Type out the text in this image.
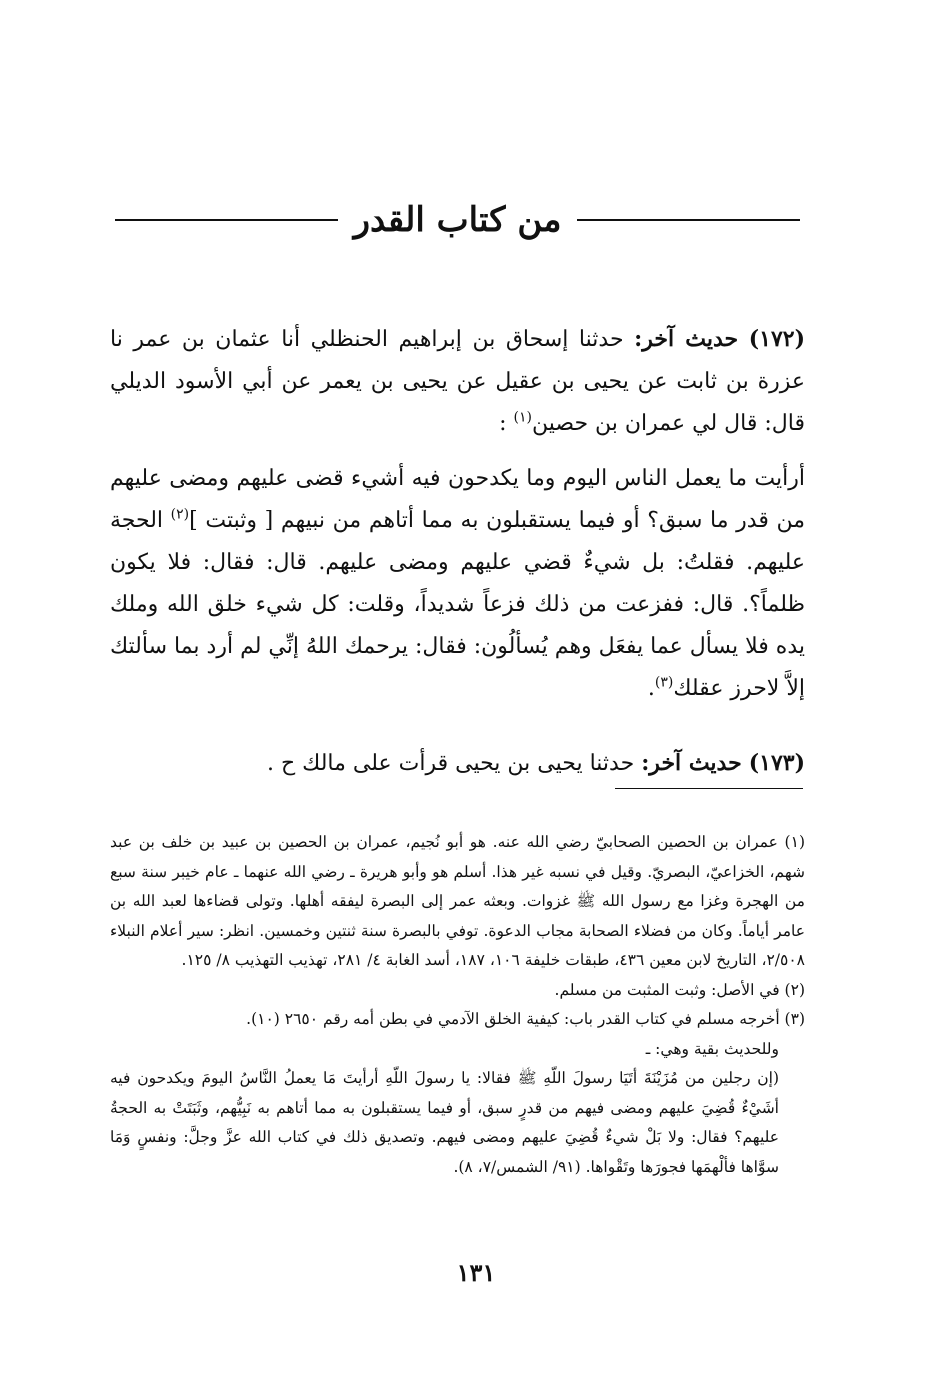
من كتاب القدر

(١٧٢) حديث آخر: حدثنا إسحاق بن إبراهيم الحنظلي أنا عثمان بن عمر نا عزرة بن ثابت عن يحيى بن عقيل عن يحيى بن يعمر عن أبي الأسود الديلي قال: قال لي عمران بن حصين$^{(١)}$ :

أرأيت ما يعمل الناس اليوم وما يكدحون فيه أشيء قضى عليهم ومضى عليهم من قدر ما سبق؟ أو فيما يستقبلون به مما أتاهم من نبيهم [ وثبتت ]$^{(٢)}$ الحجة عليهم. فقلتُ: بل شيءٌ قضي عليهم ومضى عليهم. قال: فقال: فلا يكون ظلماً؟. قال: ففزعت من ذلك فزعاً شديداً، وقلت: كل شيء خلق الله وملك يده فلا يسأل عما يفعَل وهم يُسألُون: فقال: يرحمك اللهُ إنِّي لم أرد بما سألتك إلاَّ لاحرز عقلك$^{(٣)}$.

(١٧٣) حديث آخر: حدثنا يحيى بن يحيى قرأت على مالك ح .

(١) عمران بن الحصين الصحابيّ رضي الله عنه. هو أبو نُجيم، عمران بن الحصين بن عبيد بن خلف بن عبد شهم، الخزاعيّ، البصريّ. وقيل في نسبه غير هذا. أسلم هو وأبو هريرة ـ رضي الله عنهما ـ عام خيبر سنة سبع من الهجرة وغزا مع رسول الله ﷺ غزوات. وبعثه عمر إلى البصرة ليفقه أهلها. وتولى قضاءها لعبد الله بن عامر أياماً. وكان من فضلاء الصحابة مجاب الدعوة. توفي بالبصرة سنة ثنتين وخمسين. انظر: سير أعلام النبلاء ٢/٥٠٨، التاريخ لابن معين ٤٣٦، طبقات خليفة ١٠٦، ١٨٧، أسد الغابة ٤/ ٢٨١، تهذيب التهذيب ٨/ ١٢٥.

(٢) في الأصل: وثبت المثبت من مسلم.

(٣) أخرجه مسلم في كتاب القدر باب: كيفية الخلق الآدمي في بطن أمه رقم ٢٦٥٠ (١٠).

وللحديث بقية وهي: ـ

(إن رجلين من مُزَيْنَةَ أتَيَا رسولَ اللّهِ ﷺ فقالا: يا رسولَ اللّهِ أرأيتَ مَا يعملُ النَّاسُ اليومَ ويكدحون فيه أشَيْءٌ قُضِيَ عليهم ومضى فيهم من قدرٍ سبق، أو فيما يستقبلون به مما أتاهم به نَبِيُّهم، وثَبَتَتْ به الحجةُ عليهم؟ فقال: ولا بَلْ شيءٌ قُضِيَ عليهم ومضى فيهم. وتصديق ذلك في كتاب الله عزَّ وجلَّ: ونفسٍ وَمَا سوَّاها فألْهمَها فجورَها وتَقْواها. (٩١/ الشمس/٧، ٨).

١٣١
